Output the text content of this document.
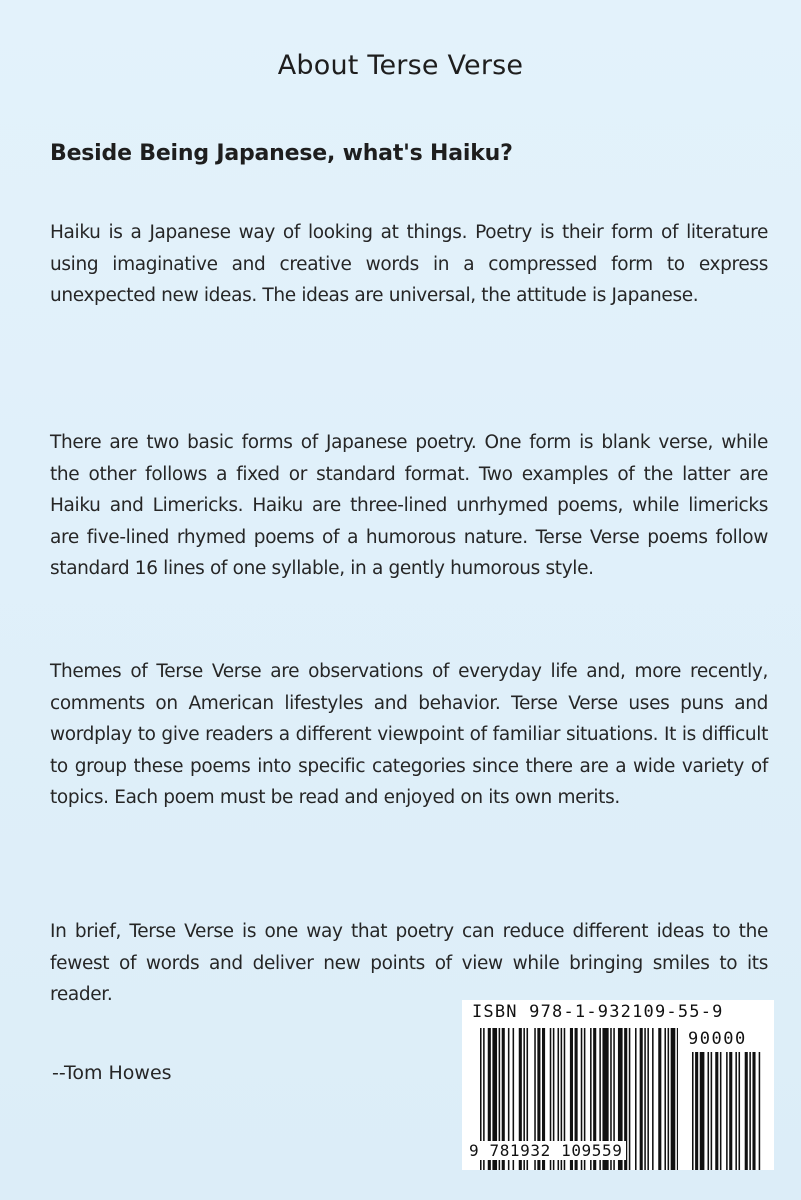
About Terse Verse
Beside Being Japanese, what's Haiku?
Haiku is a Japanese way of looking at things. Poetry is their form of literature using imaginative and creative words in a compressed form to express unexpected new ideas. The ideas are universal, the attitude is Japanese.
There are two basic forms of Japanese poetry. One form is blank verse, while the other follows a fixed or standard format. Two examples of the latter are Haiku and Limericks. Haiku are three-lined unrhymed poems, while limericks are five-lined rhymed poems of a humorous nature. Terse Verse poems follow standard 16 lines of one syllable, in a gently humorous style.
Themes of Terse Verse are observations of everyday life and, more recently, comments on American lifestyles and behavior. Terse Verse uses puns and wordplay to give readers a different viewpoint of familiar situations. It is difficult to group these poems into specific categories since there are a wide variety of topics. Each poem must be read and enjoyed on its own merits.
In brief, Terse Verse is one way that poetry can reduce different ideas to the fewest of words and deliver new points of view while bringing smiles to its reader.
--Tom Howes
ISBN 978-1-932109-55-9
90000
9 781932 109559
